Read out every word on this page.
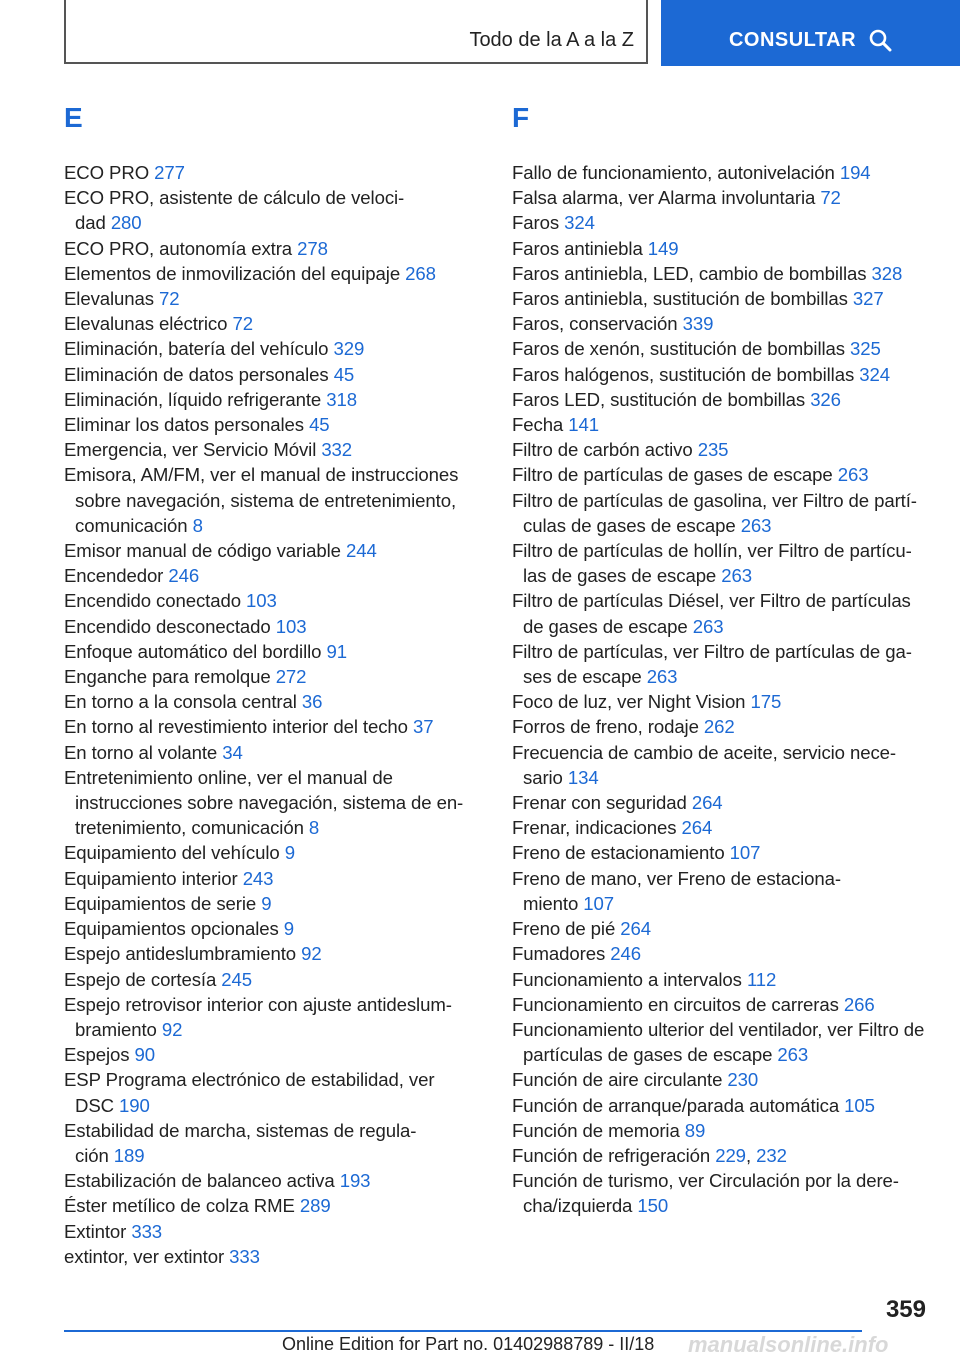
Todo de la A a la Z	CONSULTAR
E
ECO PRO 277
ECO PRO, asistente de cálculo de veloci‐
dad 280
ECO PRO, autonomía extra 278
Elementos de inmovilización del equipaje 268
Elevalunas 72
Elevalunas eléctrico 72
Eliminación, batería del vehículo 329
Eliminación de datos personales 45
Eliminación, líquido refrigerante 318
Eliminar los datos personales 45
Emergencia, ver Servicio Móvil 332
Emisora, AM/FM, ver el manual de instrucciones sobre navegación, sistema de entretenimiento, comunicación 8
Emisor manual de código variable 244
Encendedor 246
Encendido conectado 103
Encendido desconectado 103
Enfoque automático del bordillo 91
Enganche para remolque 272
En torno a la consola central 36
En torno al revestimiento interior del techo 37
En torno al volante 34
Entretenimiento online, ver el manual de instrucciones sobre navegación, sistema de en‐
tretenimiento, comunicación 8
Equipamiento del vehículo 9
Equipamiento interior 243
Equipamientos de serie 9
Equipamientos opcionales 9
Espejo antideslumbramiento 92
Espejo de cortesía 245
Espejo retrovisor interior con ajuste antideslum‐
bramiento 92
Espejos 90
ESP Programa electrónico de estabilidad, ver
DSC 190
Estabilidad de marcha, sistemas de regula‐
ción 189
Estabilización de balanceo activa 193
Éster metílico de colza RME 289
Extintor 333
extintor, ver extintor 333
F
Fallo de funcionamiento, autonivelación 194
Falsa alarma, ver Alarma involuntaria 72
Faros 324
Faros antiniebla 149
Faros antiniebla, LED, cambio de bombillas 328
Faros antiniebla, sustitución de bombillas 327
Faros, conservación 339
Faros de xenón, sustitución de bombillas 325
Faros halógenos, sustitución de bombillas 324
Faros LED, sustitución de bombillas 326
Fecha 141
Filtro de carbón activo 235
Filtro de partículas de gases de escape 263
Filtro de partículas de gasolina, ver Filtro de partí‐
culas de gases de escape 263
Filtro de partículas de hollín, ver Filtro de partícu‐
las de gases de escape 263
Filtro de partículas Diésel, ver Filtro de partículas de gases de escape 263
Filtro de partículas, ver Filtro de partículas de ga‐
ses de escape 263
Foco de luz, ver Night Vision 175
Forros de freno, rodaje 262
Frecuencia de cambio de aceite, servicio nece‐
sario 134
Frenar con seguridad 264
Frenar, indicaciones 264
Freno de estacionamiento 107
Freno de mano, ver Freno de estaciona‐
miento 107
Freno de pié 264
Fumadores 246
Funcionamiento a intervalos 112
Funcionamiento en circuitos de carreras 266
Funcionamiento ulterior del ventilador, ver Filtro de partículas de gases de escape 263
Función de aire circulante 230
Función de arranque/parada automática 105
Función de memoria 89
Función de refrigeración 229, 232
Función de turismo, ver Circulación por la dere‐
cha/izquierda 150
359
Online Edition for Part no. 01402988789 - II/18 manualsonline.info
